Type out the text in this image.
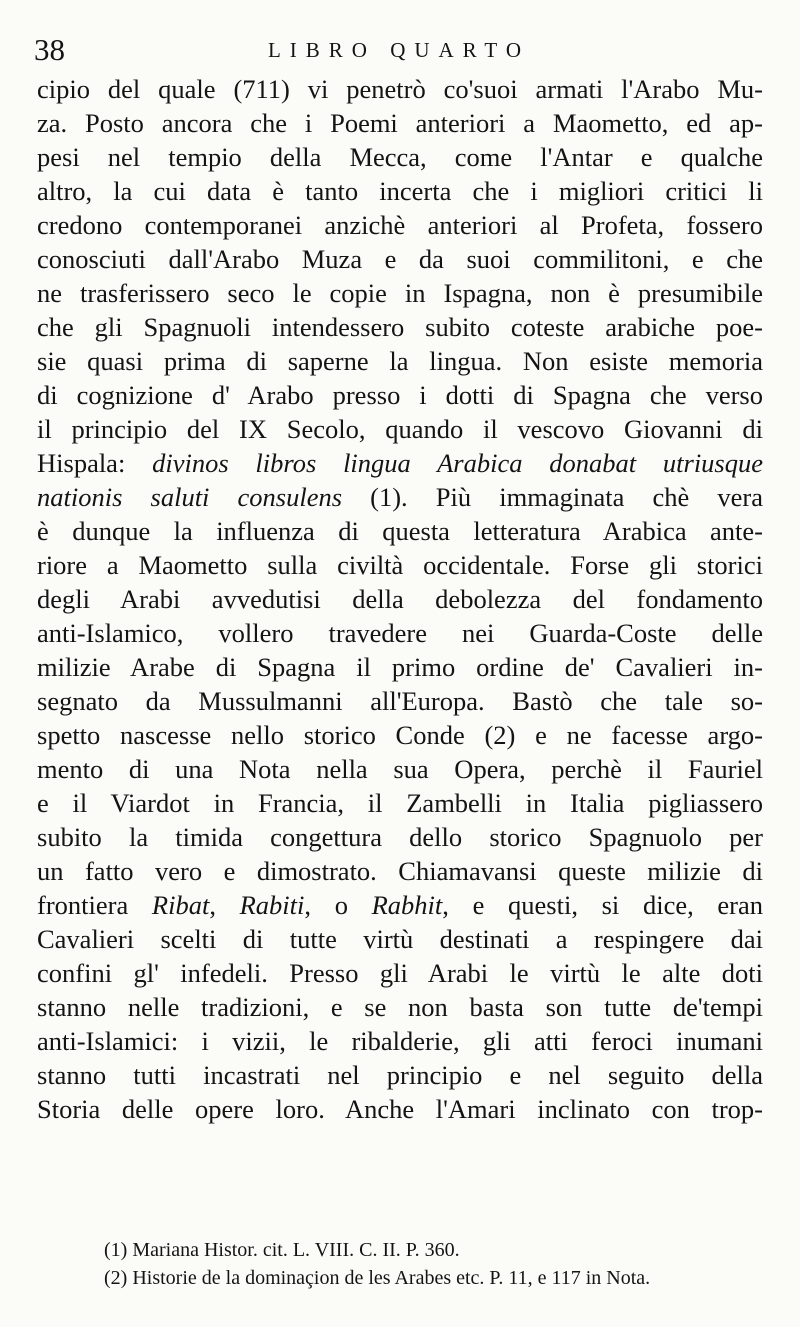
38	LIBRO QUARTO
cipio del quale (711) vi penetrò co'suoi armati l'Arabo Mu-
za. Posto ancora che i Poemi anteriori a Maometto, ed ap-
pesi nel tempio della Mecca, come l'Antar e qualche
altro, la cui data è tanto incerta che i migliori critici li
credono contemporanei anzichè anteriori al Profeta, fossero
conosciuti dall'Arabo Muza e da suoi commilitoni, e che
ne trasferissero seco le copie in Ispagna, non è presumibile
che gli Spagnuoli intendessero subito coteste arabiche poe-
sie quasi prima di saperne la lingua. Non esiste memoria
di cognizione d' Arabo presso i dotti di Spagna che verso
il principio del IX Secolo, quando il vescovo Giovanni di
Hispala: divinos libros lingua Arabica donabat utriusque
nationis saluti consulens (1). Più immaginata chè vera
è dunque la influenza di questa letteratura Arabica ante-
riore a Maometto sulla civiltà occidentale. Forse gli storici
degli Arabi avvedutisi della debolezza del fondamento
anti-Islamico, vollero travedere nei Guarda-Coste delle
milizie Arabe di Spagna il primo ordine de' Cavalieri in-
segnato da Mussulmanni all'Europa. Bastò che tale so-
spetto nascesse nello storico Conde (2) e ne facesse argo-
mento di una Nota nella sua Opera, perchè il Fauriel
e il Viardot in Francia, il Zambelli in Italia pigliassero
subito la timida congettura dello storico Spagnuolo per
un fatto vero e dimostrato. Chiamavansi queste milizie di
frontiera Ribat, Rabiti, o Rabhit, e questi, si dice, eran
Cavalieri scelti di tutte virtù destinati a respingere dai
confini gl' infedeli. Presso gli Arabi le virtù le alte doti
stanno nelle tradizioni, e se non basta son tutte de'tempi
anti-Islamici: i vizii, le ribalderie, gli atti feroci inumani
stanno tutti incastrati nel principio e nel seguito della
Storia delle opere loro. Anche l'Amari inclinato con trop-
(1) Mariana Histor. cit. L. VIII. C. II. P. 360.
(2) Historie de la dominaçion de les Arabes etc. P. 11, e 117 in Nota.
